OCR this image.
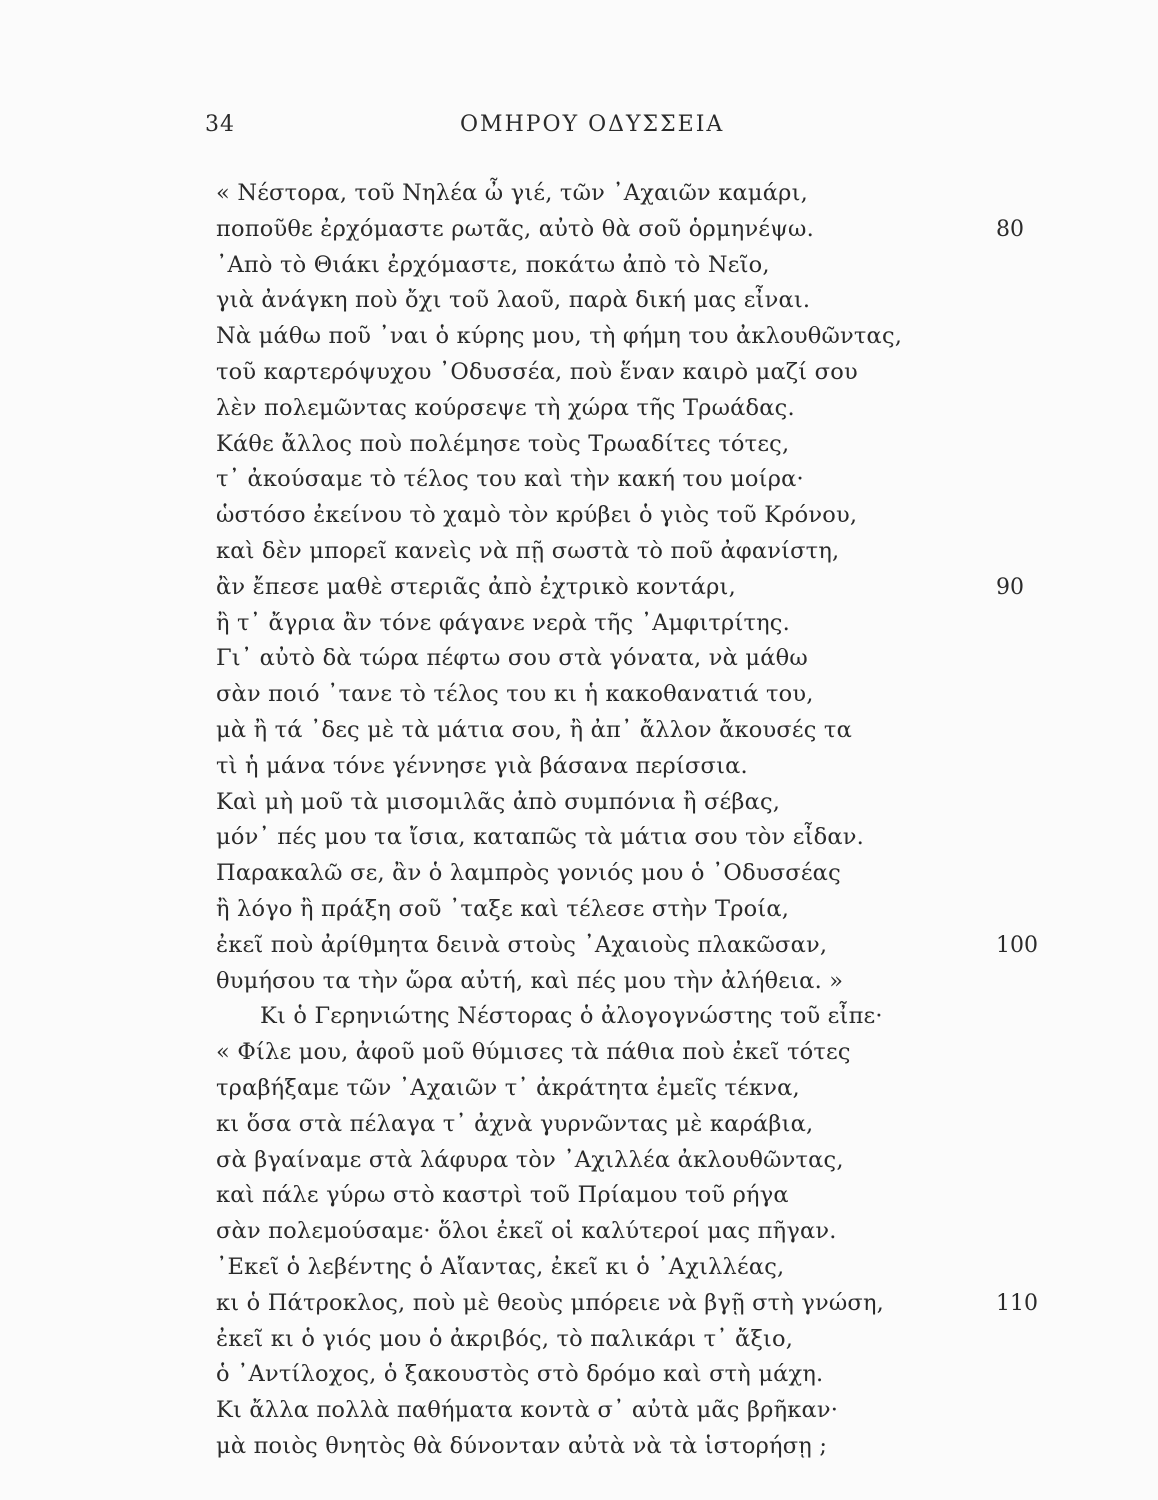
34	ΟΜΗΡΟΥ ΟΔΥΣΣΕΙΑ
« Νέστορα, τοῦ Νηλέα ὦ γιέ, τῶν ᾿Αχαιῶν καμάρι,
ποποῦθε ἐρχόμαστε ρωτᾶς, αὐτὸ θὰ σοῦ ὁρμηνέψω.	80
᾿Απὸ τὸ Θιάκι ἐρχόμαστε, ποκάτω ἀπὸ τὸ Νεῖο,
γιὰ ἀνάγκη ποὺ ὄχι τοῦ λαοῦ, παρὰ δική μας εἶναι.
Νὰ μάθω ποῦ ᾿ναι ὁ κύρης μου, τὴ φήμη του ἀκλουθῶντας,
τοῦ καρτερόψυχου ᾿Οδυσσέα, ποὺ ἕναν καιρὸ μαζί σου
λὲν πολεμῶντας κούρσεψε τὴ χώρα τῆς Τρωάδας.
Κάθε ἄλλος ποὺ πολέμησε τοὺς Τρωαδίτες τότες,
τ᾿ ἀκούσαμε τὸ τέλος του καὶ τὴν κακή του μοίρα·
ὡστόσο ἐκείνου τὸ χαμὸ τὸν κρύβει ὁ γιὸς τοῦ Κρόνου,
καὶ δὲν μπορεῖ κανεὶς νὰ πῇ σωστὰ τὸ ποῦ ἀφανίστη,
ἂν ἔπεσε μαθὲ στεριᾶς ἀπὸ ἐχτρικὸ κοντάρι,	90
ἢ τ᾿ ἄγρια ἂν τόνε φάγανε νερὰ τῆς ᾿Αμφιτρίτης.
Γι᾿ αὐτὸ δὰ τώρα πέφτω σου στὰ γόνατα, νὰ μάθω
σὰν ποιό ᾿τανε τὸ τέλος του κι ἡ κακοθανατιά του,
μὰ ἢ τά ᾿δες μὲ τὰ μάτια σου, ἢ ἀπ᾿ ἄλλον ἄκουσές τα
τὶ ἡ μάνα τόνε γέννησε γιὰ βάσανα περίσσια.
Καὶ μὴ μοῦ τὰ μισομιλᾶς ἀπὸ συμπόνια ἢ σέβας,
μόν᾿ πές μου τα ἴσια, καταπῶς τὰ μάτια σου τὸν εἶδαν.
Παρακαλῶ σε, ἂν ὁ λαμπρὸς γονιός μου ὁ ᾿Οδυσσέας
ἢ λόγο ἢ πράξη σοῦ ᾿ταξε καὶ τέλεσε στὴν Τροία,
ἐκεῖ ποὺ ἀρίθμητα δεινὰ στοὺς ᾿Αχαιοὺς πλακῶσαν,	100
θυμήσου τα τὴν ὥρα αὐτή, καὶ πές μου τὴν ἀλήθεια. »
Κι ὁ Γερηνιώτης Νέστορας ὁ ἀλογογνώστης τοῦ εἶπε·
« Φίλε μου, ἀφοῦ μοῦ θύμισες τὰ πάθια ποὺ ἐκεῖ τότες
τραβήξαμε τῶν ᾿Αχαιῶν τ᾿ ἀκράτητα ἐμεῖς τέκνα,
κι ὅσα στὰ πέλαγα τ᾿ ἀχνὰ γυρνῶντας μὲ καράβια,
σὰ βγαίναμε στὰ λάφυρα τὸν ᾿Αχιλλέα ἀκλουθῶντας,
καὶ πάλε γύρω στὸ καστρὶ τοῦ Πρίαμου τοῦ ρήγα
σὰν πολεμούσαμε· ὅλοι ἐκεῖ οἱ καλύτεροί μας πῆγαν.
᾿Εκεῖ ὁ λεβέντης ὁ Αἴαντας, ἐκεῖ κι ὁ ᾿Αχιλλέας,
κι ὁ Πάτροκλος, ποὺ μὲ θεοὺς μπόρειε νὰ βγῇ στὴ γνώση,	110
ἐκεῖ κι ὁ γιός μου ὁ ἀκριβός, τὸ παλικάρι τ᾿ ἄξιο,
ὁ ᾿Αντίλοχος, ὁ ξακουστὸς στὸ δρόμο καὶ στὴ μάχη.
Κι ἄλλα πολλὰ παθήματα κοντὰ σ᾿ αὐτὰ μᾶς βρῆκαν·
μὰ ποιὸς θνητὸς θὰ δύνονταν αὐτὰ νὰ τὰ ἱστορήσῃ ;
